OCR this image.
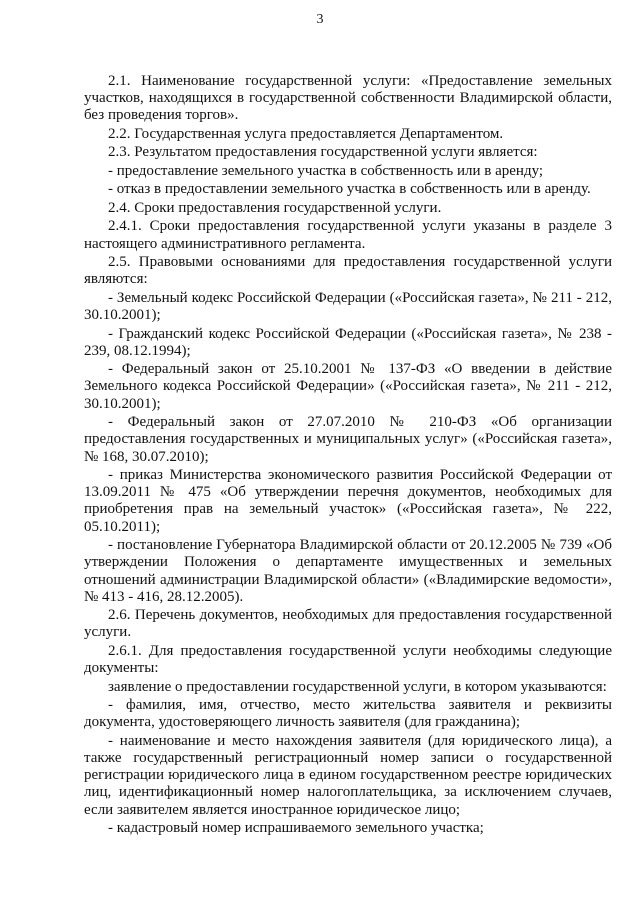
3

2.1. Наименование государственной услуги: «Предоставление земельных участков, находящихся в государственной собственности Владимирской области, без проведения торгов».

2.2. Государственная услуга предоставляется Департаментом.

2.3. Результатом предоставления государственной услуги является:

- предоставление земельного участка в собственность или в аренду;

- отказ в предоставлении земельного участка в собственность или в аренду.

2.4. Сроки предоставления государственной услуги.

2.4.1. Сроки предоставления государственной услуги указаны в разделе 3 настоящего административного регламента.

2.5. Правовыми основаниями для предоставления государственной услуги являются:

- Земельный кодекс Российской Федерации («Российская газета», № 211 - 212, 30.10.2001);

- Гражданский кодекс Российской Федерации («Российская газета», № 238 - 239, 08.12.1994);

- Федеральный закон от 25.10.2001 № 137-ФЗ «О введении в действие Земельного кодекса Российской Федерации» («Российская газета», № 211 - 212, 30.10.2001);

- Федеральный закон от 27.07.2010 № 210-ФЗ «Об организации предоставления государственных и муниципальных услуг» («Российская газета», № 168, 30.07.2010);

- приказ Министерства экономического развития Российской Федерации от 13.09.2011 № 475 «Об утверждении перечня документов, необходимых для приобретения прав на земельный участок» («Российская газета», № 222, 05.10.2011);

- постановление Губернатора Владимирской области от 20.12.2005 № 739 «Об утверждении Положения о департаменте имущественных и земельных отношений администрации Владимирской области» («Владимирские ведомости», № 413 - 416, 28.12.2005).

2.6. Перечень документов, необходимых для предоставления государственной услуги.

2.6.1. Для предоставления государственной услуги необходимы следующие документы:

заявление о предоставлении государственной услуги, в котором указываются:

- фамилия, имя, отчество, место жительства заявителя и реквизиты документа, удостоверяющего личность заявителя (для гражданина);

- наименование и место нахождения заявителя (для юридического лица), а также государственный регистрационный номер записи о государственной регистрации юридического лица в едином государственном реестре юридических лиц, идентификационный номер налогоплательщика, за исключением случаев, если заявителем является иностранное юридическое лицо;

- кадастровый номер испрашиваемого земельного участка;
